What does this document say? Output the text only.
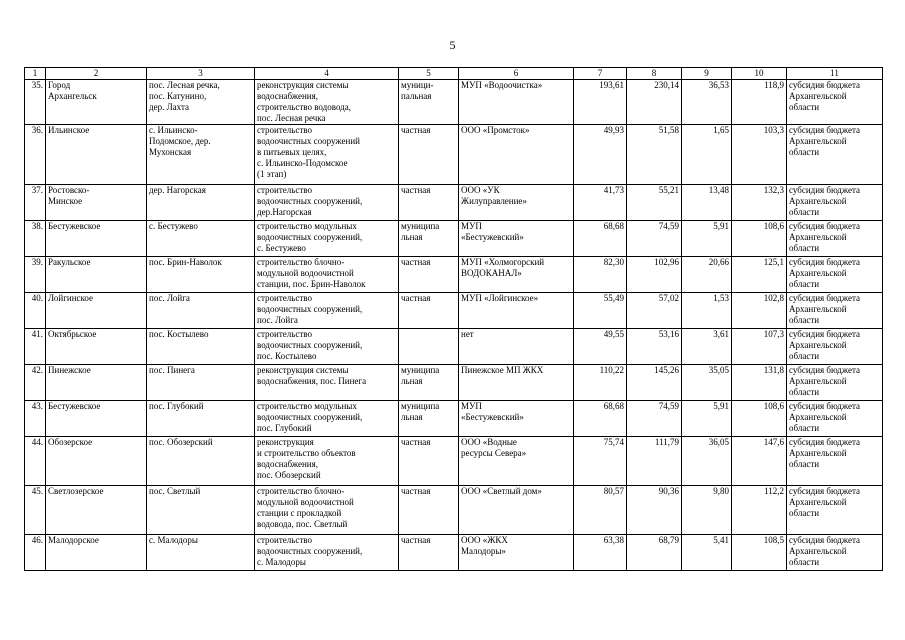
5
1	2	3	4	5	6	7	8	9	10	11
35.	Город
Архангельск	пос. Лесная речка,
пос. Катунино,
дер. Лахта	реконструкция системы
водоснабжения,
строительство водовода,
пос. Лесная речка	муници-
пальная	МУП «Водоочистка»	193,61	230,14	36,53	118,9	субсидия бюджета
Архангельской
области
36.	Ильинское	с. Ильинско-
Подомское, дер.
Мухонская	строительство
водоочистных сооружений
в питьевых целях,
с. Ильинско-Подомское
(1 этап)	частная	ООО «Промсток»	49,93	51,58	1,65	103,3	субсидия бюджета
Архангельской
области
37.	Ростовско-
Минское	дер. Нагорская	строительство
водоочистных сооружений,
дер.Нагорская	частная	ООО «УК
Жилуправление»	41,73	55,21	13,48	132,3	субсидия бюджета
Архангельской
области
38.	Бестужевское	с. Бестужево	строительство модульных
водоочистных сооружений,
с. Бестужево	муниципа
льная	МУП
«Бестужевский»	68,68	74,59	5,91	108,6	субсидия бюджета
Архангельской
области
39.	Ракульское	пос. Брин-Наволок	строительство блочно-
модульной водоочистной
станции, пос. Брин-Наволок	частная	МУП «Холмогорский
ВОДОКАНАЛ»	82,30	102,96	20,66	125,1	субсидия бюджета
Архангельской
области
40.	Лойгинское	пос. Лойга	строительство
водоочистных сооружений,
пос. Лойга	частная	МУП «Лойгинское»	55,49	57,02	1,53	102,8	субсидия бюджета
Архангельской
области
41.	Октябрьское	пос. Костылево	строительство
водоочистных сооружений,
пос. Костылево		нет	49,55	53,16	3,61	107,3	субсидия бюджета
Архангельской
области
42.	Пинежское	пос. Пинега	реконструкция системы
водоснабжения, пос. Пинега	муниципа
льная	Пинежское МП ЖКХ	110,22	145,26	35,05	131,8	субсидия бюджета
Архангельской
области
43.	Бестужевское	пос. Глубокий	строительство модульных
водоочистных сооружений,
пос. Глубокий	муниципа
льная	МУП
«Бестужевский»	68,68	74,59	5,91	108,6	субсидия бюджета
Архангельской
области
44.	Обозерское	пос. Обозерский	реконструкция
и строительство объектов
водоснабжения,
пос. Обозерский	частная	ООО «Водные
ресурсы Севера»	75,74	111,79	36,05	147,6	субсидия бюджета
Архангельской
области
45.	Светлозерское	пос. Светлый	строительство блочно-
модульной водоочистной
станции с прокладкой
водовода, пос. Светлый	частная	ООО «Светлый дом»	80,57	90,36	9,80	112,2	субсидия бюджета
Архангельской
области
46.	Малодорское	с. Малодоры	строительство
водоочистных сооружений,
с. Малодоры	частная	ООО «ЖКХ
Малодоры»	63,38	68,79	5,41	108,5	субсидия бюджета
Архангельской
области
